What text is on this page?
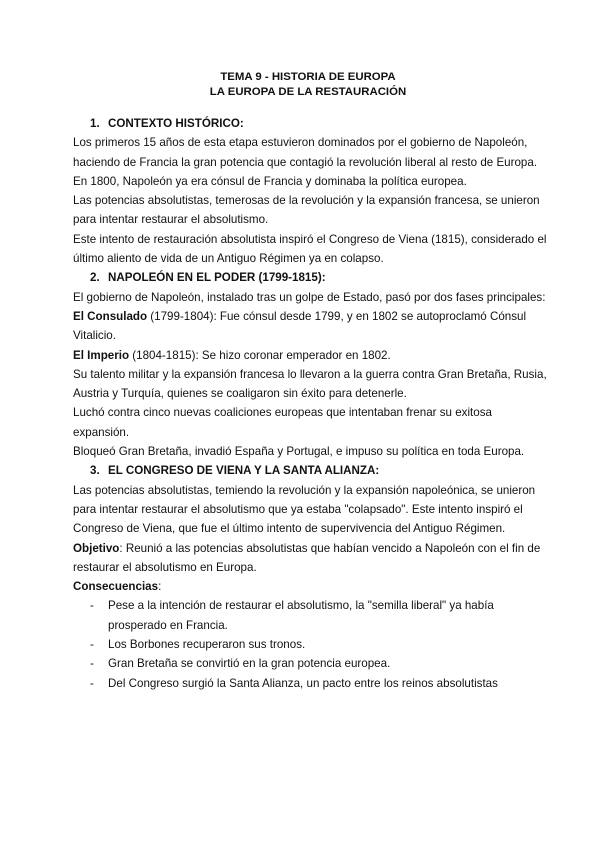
TEMA 9 - HISTORIA DE EUROPA
LA EUROPA DE LA RESTAURACIÓN
1. CONTEXTO HISTÓRICO:
Los primeros 15 años de esta etapa estuvieron dominados por el gobierno de Napoleón,
haciendo de Francia la gran potencia que contagió la revolución liberal al resto de Europa.
En 1800, Napoleón ya era cónsul de Francia y dominaba la política europea.
Las potencias absolutistas, temerosas de la revolución y la expansión francesa, se unieron
para intentar restaurar el absolutismo.
Este intento de restauración absolutista inspiró el Congreso de Viena (1815), considerado el
último aliento de vida de un Antiguo Régimen ya en colapso.
2. NAPOLEÓN EN EL PODER (1799-1815):
El gobierno de Napoleón, instalado tras un golpe de Estado, pasó por dos fases principales:
El Consulado (1799-1804): Fue cónsul desde 1799, y en 1802 se autoproclamó Cónsul
Vitalicio.
El Imperio (1804-1815): Se hizo coronar emperador en 1802.
Su talento militar y la expansión francesa lo llevaron a la guerra contra Gran Bretaña, Rusia,
Austria y Turquía, quienes se coaligaron sin éxito para detenerle.
Luchó contra cinco nuevas coaliciones europeas que intentaban frenar su exitosa
expansión.
Bloqueó Gran Bretaña, invadió España y Portugal, e impuso su política en toda Europa.
3. EL CONGRESO DE VIENA Y LA SANTA ALIANZA:
Las potencias absolutistas, temiendo la revolución y la expansión napoleónica, se unieron
para intentar restaurar el absolutismo que ya estaba "colapsado". Este intento inspiró el
Congreso de Viena, que fue el último intento de supervivencia del Antiguo Régimen.
Objetivo: Reunió a las potencias absolutistas que habían vencido a Napoleón con el fin de
restaurar el absolutismo en Europa.
Consecuencias:
- Pese a la intención de restaurar el absolutismo, la "semilla liberal" ya había
prosperado en Francia.
- Los Borbones recuperaron sus tronos.
- Gran Bretaña se convirtió en la gran potencia europea.
- Del Congreso surgió la Santa Alianza, un pacto entre los reinos absolutistas
